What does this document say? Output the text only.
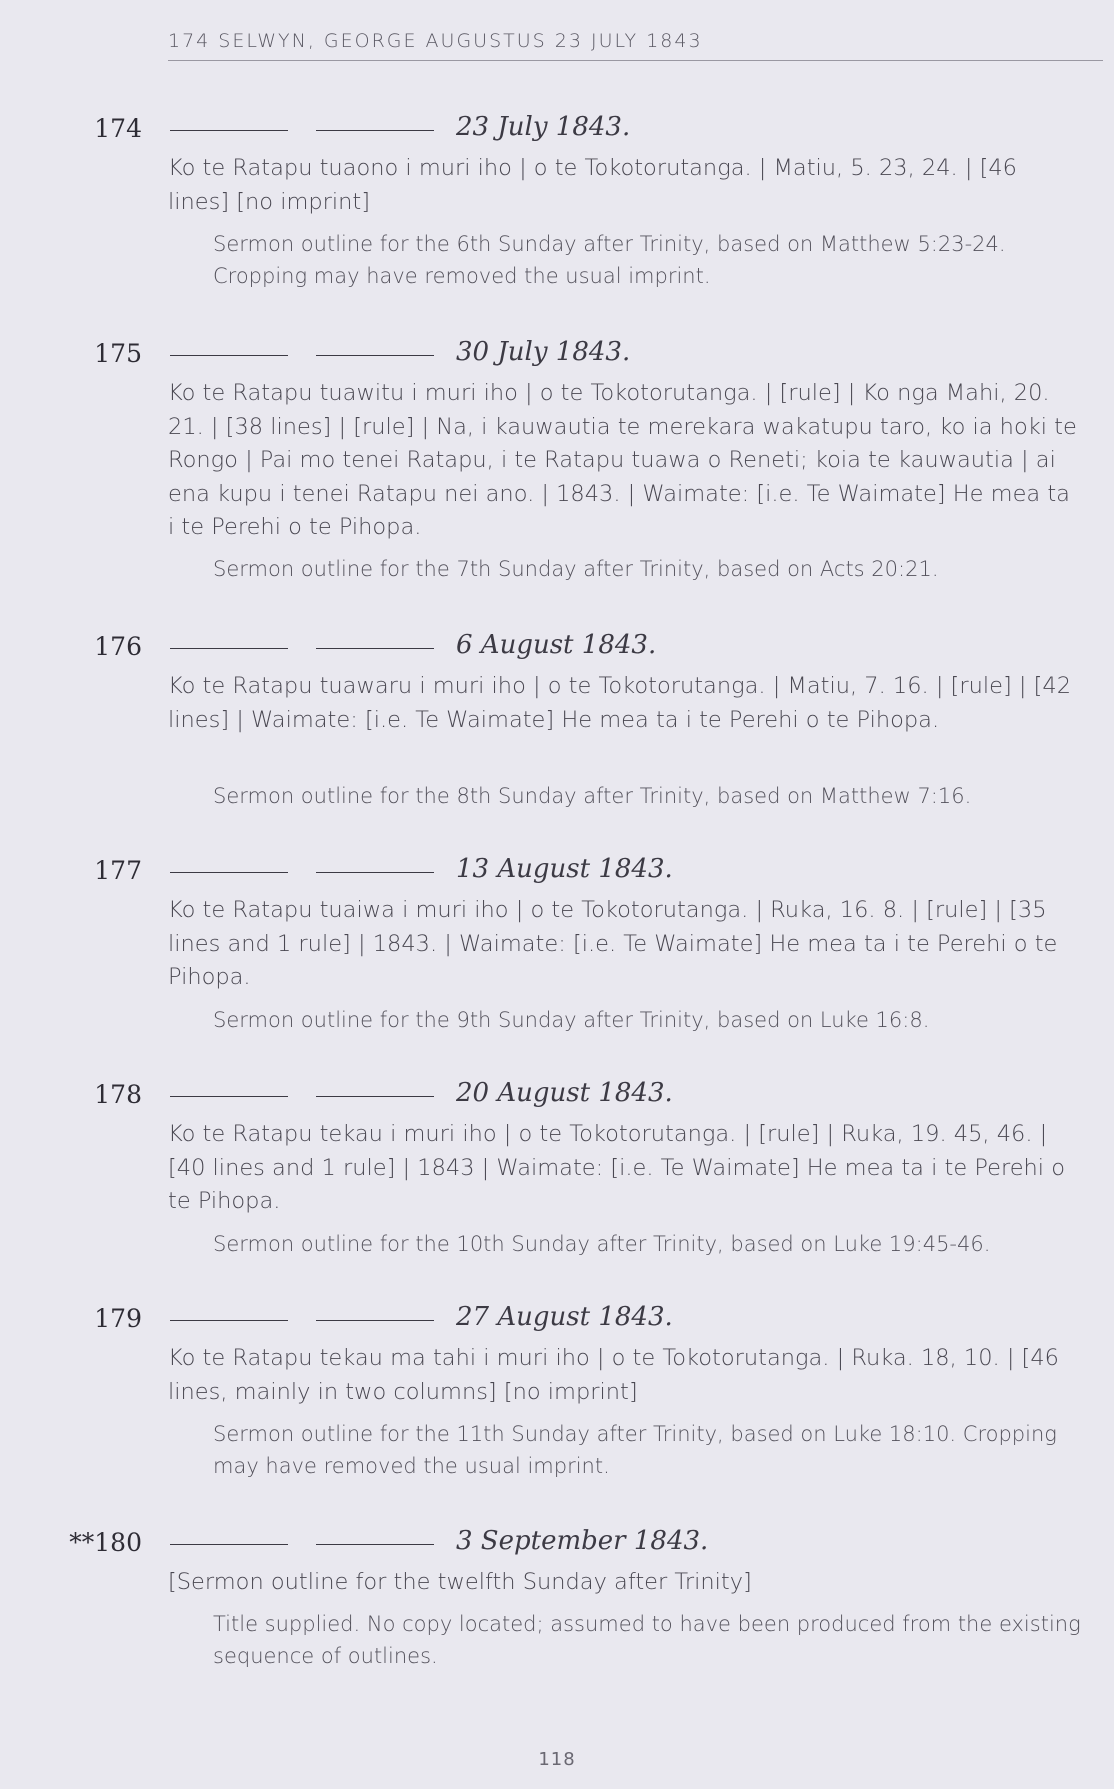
174 SELWYN, GEORGE AUGUSTUS 23 JULY 1843
174	23 July 1843.
Ko te Ratapu tuaono i muri iho | o te Tokotorutanga. | Matiu, 5. 23, 24. | [46 lines] [no imprint]
Sermon outline for the 6th Sunday after Trinity, based on Matthew 5:23-24. Cropping may have removed the usual imprint.
175	30 July 1843.
Ko te Ratapu tuawitu i muri iho | o te Tokotorutanga. | [rule] | Ko nga Mahi, 20. 21. | [38 lines] | [rule] | Na, i kauwautia te merekara wakatupu taro, ko ia hoki te Rongo | Pai mo tenei Ratapu, i te Ratapu tuawa o Reneti; koia te kauwautia | ai ena kupu i tenei Ratapu nei ano. | 1843. | Waimate: [i.e. Te Waimate] He mea ta i te Perehi o te Pihopa.
Sermon outline for the 7th Sunday after Trinity, based on Acts 20:21.
176	6 August 1843.
Ko te Ratapu tuawaru i muri iho | o te Tokotorutanga. | Matiu, 7. 16. | [rule] | [42 lines] | Waimate: [i.e. Te Waimate] He mea ta i te Perehi o te Pihopa.
Sermon outline for the 8th Sunday after Trinity, based on Matthew 7:16.
177	13 August 1843.
Ko te Ratapu tuaiwa i muri iho | o te Tokotorutanga. | Ruka, 16. 8. | [rule] | [35 lines and 1 rule] | 1843. | Waimate: [i.e. Te Waimate] He mea ta i te Perehi o te Pihopa.
Sermon outline for the 9th Sunday after Trinity, based on Luke 16:8.
178	20 August 1843.
Ko te Ratapu tekau i muri iho | o te Tokotorutanga. | [rule] | Ruka, 19. 45, 46. | [40 lines and 1 rule] | 1843 | Waimate: [i.e. Te Waimate] He mea ta i te Perehi o te Pihopa.
Sermon outline for the 10th Sunday after Trinity, based on Luke 19:45-46.
179	27 August 1843.
Ko te Ratapu tekau ma tahi i muri iho | o te Tokotorutanga. | Ruka. 18, 10. | [46 lines, mainly in two columns] [no imprint]
Sermon outline for the 11th Sunday after Trinity, based on Luke 18:10. Cropping may have removed the usual imprint.
**180	3 September 1843.
[Sermon outline for the twelfth Sunday after Trinity]
Title supplied. No copy located; assumed to have been produced from the existing sequence of outlines.
118
